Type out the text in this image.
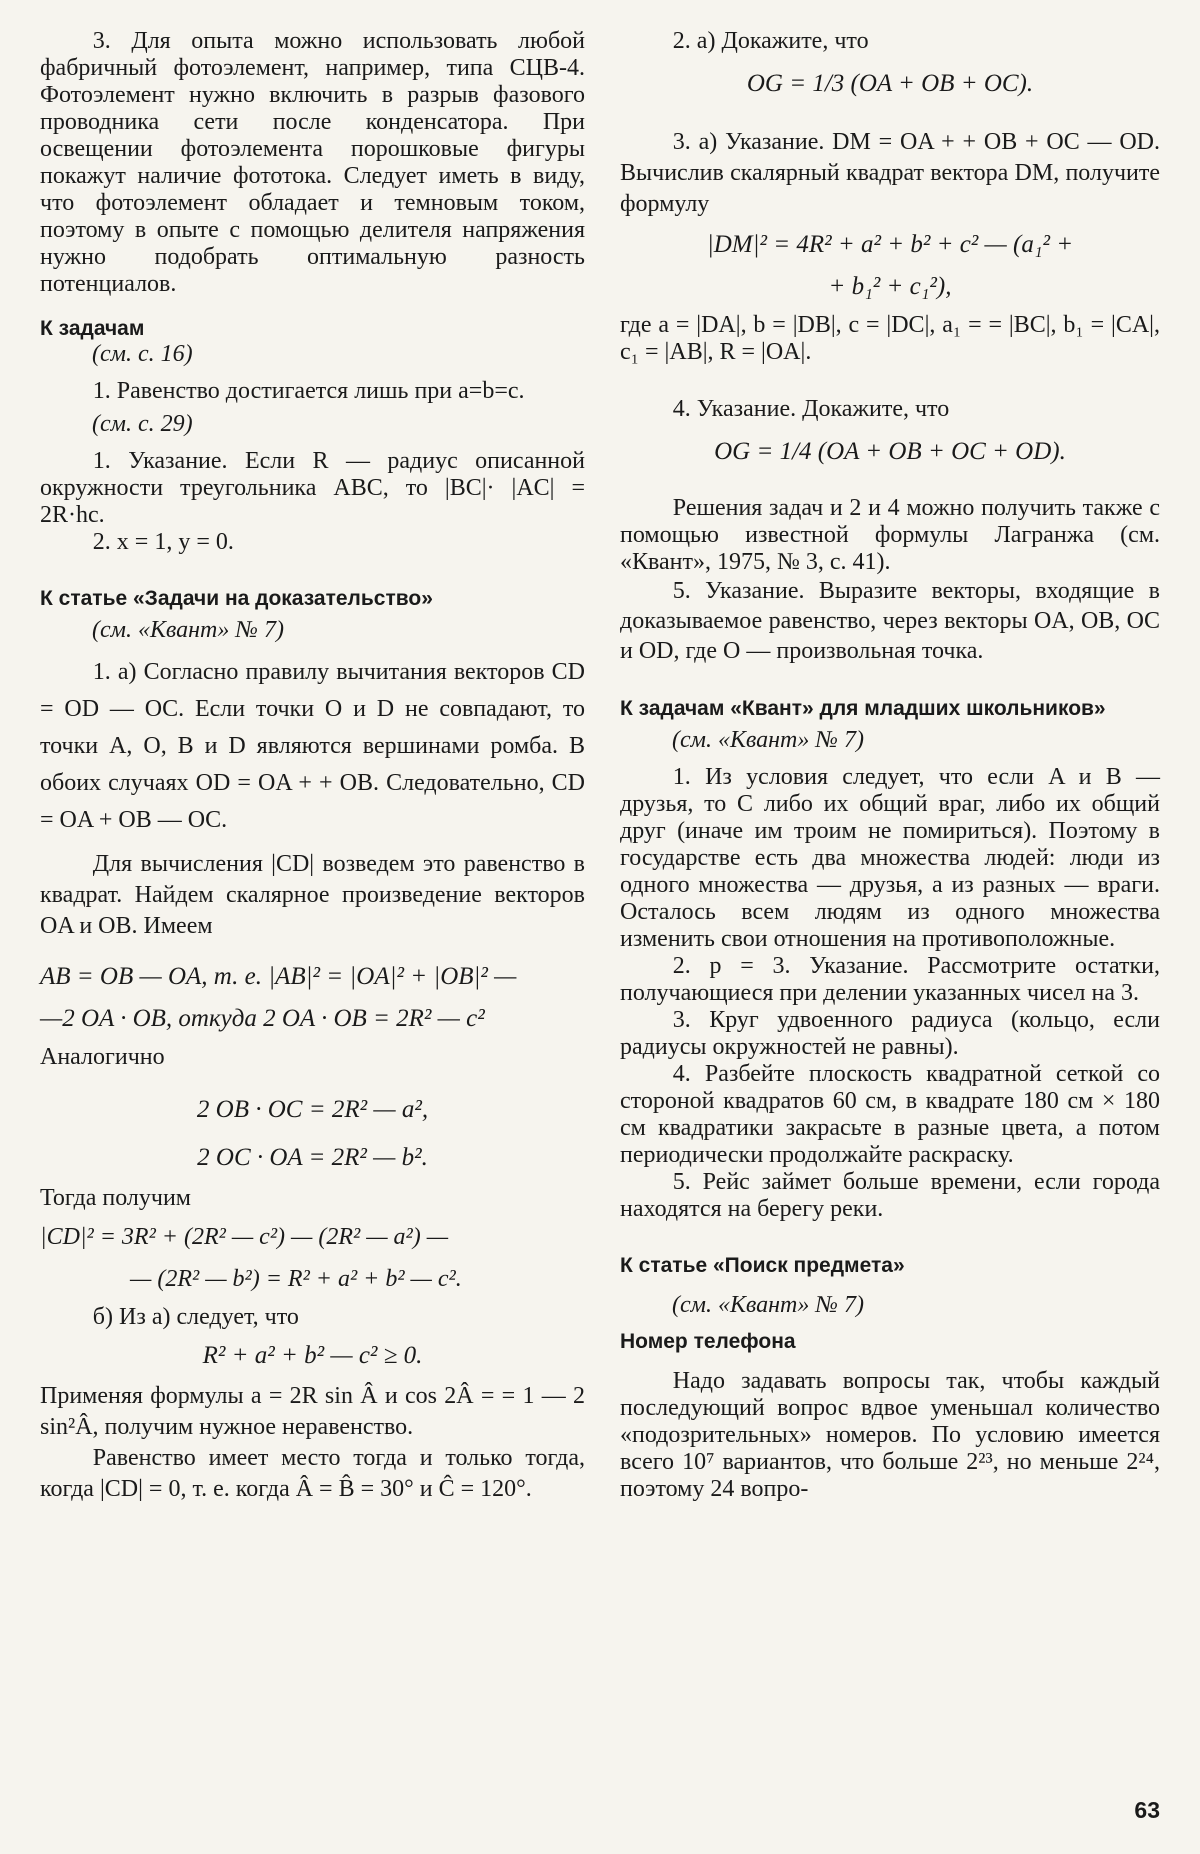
3. Для опыта можно использовать любой фабричный фотоэлемент, например, типа СЦВ-4. Фотоэлемент нужно включить в разрыв фазового проводника сети после конденсатора. При освещении фотоэлемента порошковые фигуры покажут наличие фототока. Следует иметь в виду, что фотоэлемент обладает и темновым током, поэтому в опыте с помощью делителя напряжения нужно подобрать оптимальную разность потенциалов.

К задачам

(см. с. 16)

1. Равенство достигается лишь при a=b=c.

(см. с. 29)

1. Указание. Если R — радиус описанной окружности треугольника ABC, то |BC|· |AC| = 2R·hc.

2. x = 1, y = 0.

К статье «Задачи на доказательство»

(см. «Квант» № 7)

1. а) Согласно правилу вычитания векторов CD = OD — OC. Если точки O и D не совпадают, то точки A, O, B и D являются вершинами ромба. В обоих случаях OD = OA + + OB. Следовательно, CD = OA + OB — OC.

Для вычисления |CD| возведем это равенство в квадрат. Найдем скалярное произведение векторов OA и OB. Имеем

AB = OB — OA, т. е. |AB|² = |OA|² + |OB|² —
—2 OA · OB, откуда 2 OA · OB = 2R² — c²

Аналогично

2 OB · OC = 2R² — a²,
2 OC · OA = 2R² — b².

Тогда получим

|CD|² = 3R² + (2R² — c²) — (2R² — a²) —
— (2R² — b²) = R² + a² + b² — c².

б) Из а) следует, что

R² + a² + b² — c² ≥ 0.

Применяя формулы a = 2R sin Â и cos 2Â = = 1 — 2 sin²Â, получим нужное неравенство.

Равенство имеет место тогда и только тогда, когда |CD| = 0, т. е. когда Â = B̂ = 30° и Ĉ = 120°.

2. а) Докажите, что

OG = 1/3 (OA + OB + OC).

3. а) Указание. DM = OA + + OB + OC — OD. Вычислив скалярный квадрат вектора DM, получите формулу

|DM|² = 4R² + a² + b² + c² — (a₁² +
+ b₁² + c₁²),

где a = |DA|, b = |DB|, c = |DC|, a₁ = = |BC|, b₁ = |CA|, c₁ = |AB|, R = |OA|.

4. Указание. Докажите, что

OG = 1/4 (OA + OB + OC + OD).

Решения задач и 2 и 4 можно получить также с помощью известной формулы Лагранжа (см. «Квант», 1975, № 3, с. 41).

5. Указание. Выразите векторы, входящие в доказываемое равенство, через векторы OA, OB, OC и OD, где O — произвольная точка.

К задачам «Квант» для младших школьников»

(см. «Квант» № 7)

1. Из условия следует, что если A и B — друзья, то C либо их общий враг, либо их общий друг (иначе им троим не помириться). Поэтому в государстве есть два множества людей: люди из одного множества — друзья, а из разных — враги. Осталось всем людям из одного множества изменить свои отношения на противоположные.

2. p = 3. Указание. Рассмотрите остатки, получающиеся при делении указанных чисел на 3.

3. Круг удвоенного радиуса (кольцо, если радиусы окружностей не равны).

4. Разбейте плоскость квадратной сеткой со стороной квадратов 60 см, в квадрате 180 см × 180 см квадратики закрасьте в разные цвета, а потом периодически продолжайте раскраску.

5. Рейс займет больше времени, если города находятся на берегу реки.

К статье «Поиск предмета»

(см. «Квант» № 7)

Номер телефона

Надо задавать вопросы так, чтобы каждый последующий вопрос вдвое уменьшал количество «подозрительных» номеров. По условию имеется всего 10⁷ вариантов, что больше 2²³, но меньше 2²⁴, поэтому 24 вопро-

63
